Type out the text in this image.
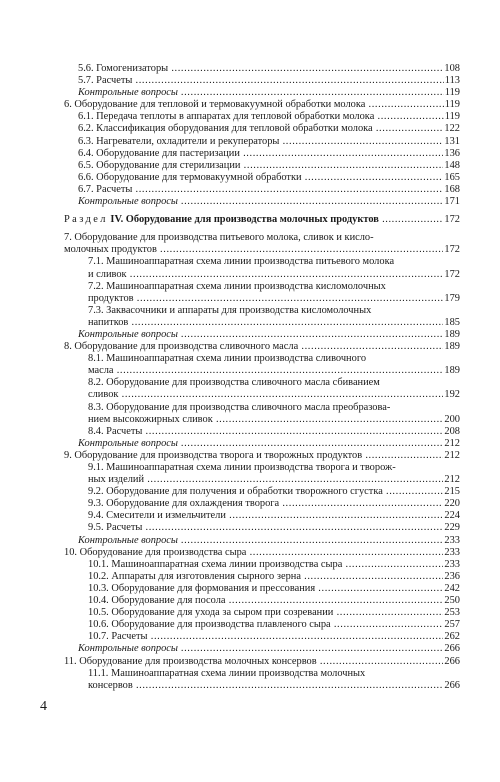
5.6. Гомогенизаторы	108
.....
5.7. Расчеты	113
.....
Контрольные вопросы	119
.....
6. Оборудование для тепловой и термовакуумной обработки молока	119
.....
6.1. Передача теплоты в аппаратах для тепловой обработки молока	119
.....
6.2. Классификация оборудования для тепловой обработки молока	122
.....
6.3. Нагреватели, охладители и рекуператоры	131
.....
6.4. Оборудование для пастеризации	136
.....
6.5. Оборудование для стерилизации	148
.....
6.6. Оборудование для термовакуумной обработки	165
.....
6.7. Расчеты	168
.....
Контрольные вопросы	171
.....
Раздел IV. Оборудование для производства молочных продуктов	172
.....
7. Оборудование для производства питьевого молока, сливок и кисло-
молочных продуктов	172
.....
7.1. Машиноаппаратная схема линии производства питьевого молока
и сливок	172
.....
7.2. Машиноаппаратная схема линии производства кисломолочных
продуктов	179
.....
7.3. Заквасочники и аппараты для производства кисломолочных
напитков	185
.....
Контрольные вопросы	189
.....
8. Оборудование для производства сливочного масла	189
.....
8.1. Машиноаппаратная схема линии производства сливочного
масла	189
.....
8.2. Оборудование для производства сливочного масла сбиванием
сливок	192
.....
8.3. Оборудование для производства сливочного масла преобразова-
нием высокожирных сливок	200
.....
8.4. Расчеты	208
.....
Контрольные вопросы	212
.....
9. Оборудование для производства творога и творожных продуктов	212
.....
9.1. Машиноаппаратная схема линии производства творога и творож-
ных изделий	212
.....
9.2. Оборудование для получения и обработки творожного сгустка	215
.....
9.3. Оборудование для охлаждения творога	220
.....
9.4. Смесители и измельчители	224
.....
9.5. Расчеты	229
.....
Контрольные вопросы	233
.....
10. Оборудование для производства сыра	233
.....
10.1. Машиноаппаратная схема линии производства сыра	233
.....
10.2. Аппараты для изготовления сырного зерна	236
.....
10.3. Оборудование для формования и прессования	242
.....
10.4. Оборудование для посола	250
.....
10.5. Оборудование для ухода за сыром при созревании	253
.....
10.6. Оборудование для производства плавленого сыра	257
.....
10.7. Расчеты	262
.....
Контрольные вопросы	266
.....
11. Оборудование для производства молочных консервов	266
.....
11.1. Машиноаппаратная схема линии производства молочных
консервов	266
.....
4
